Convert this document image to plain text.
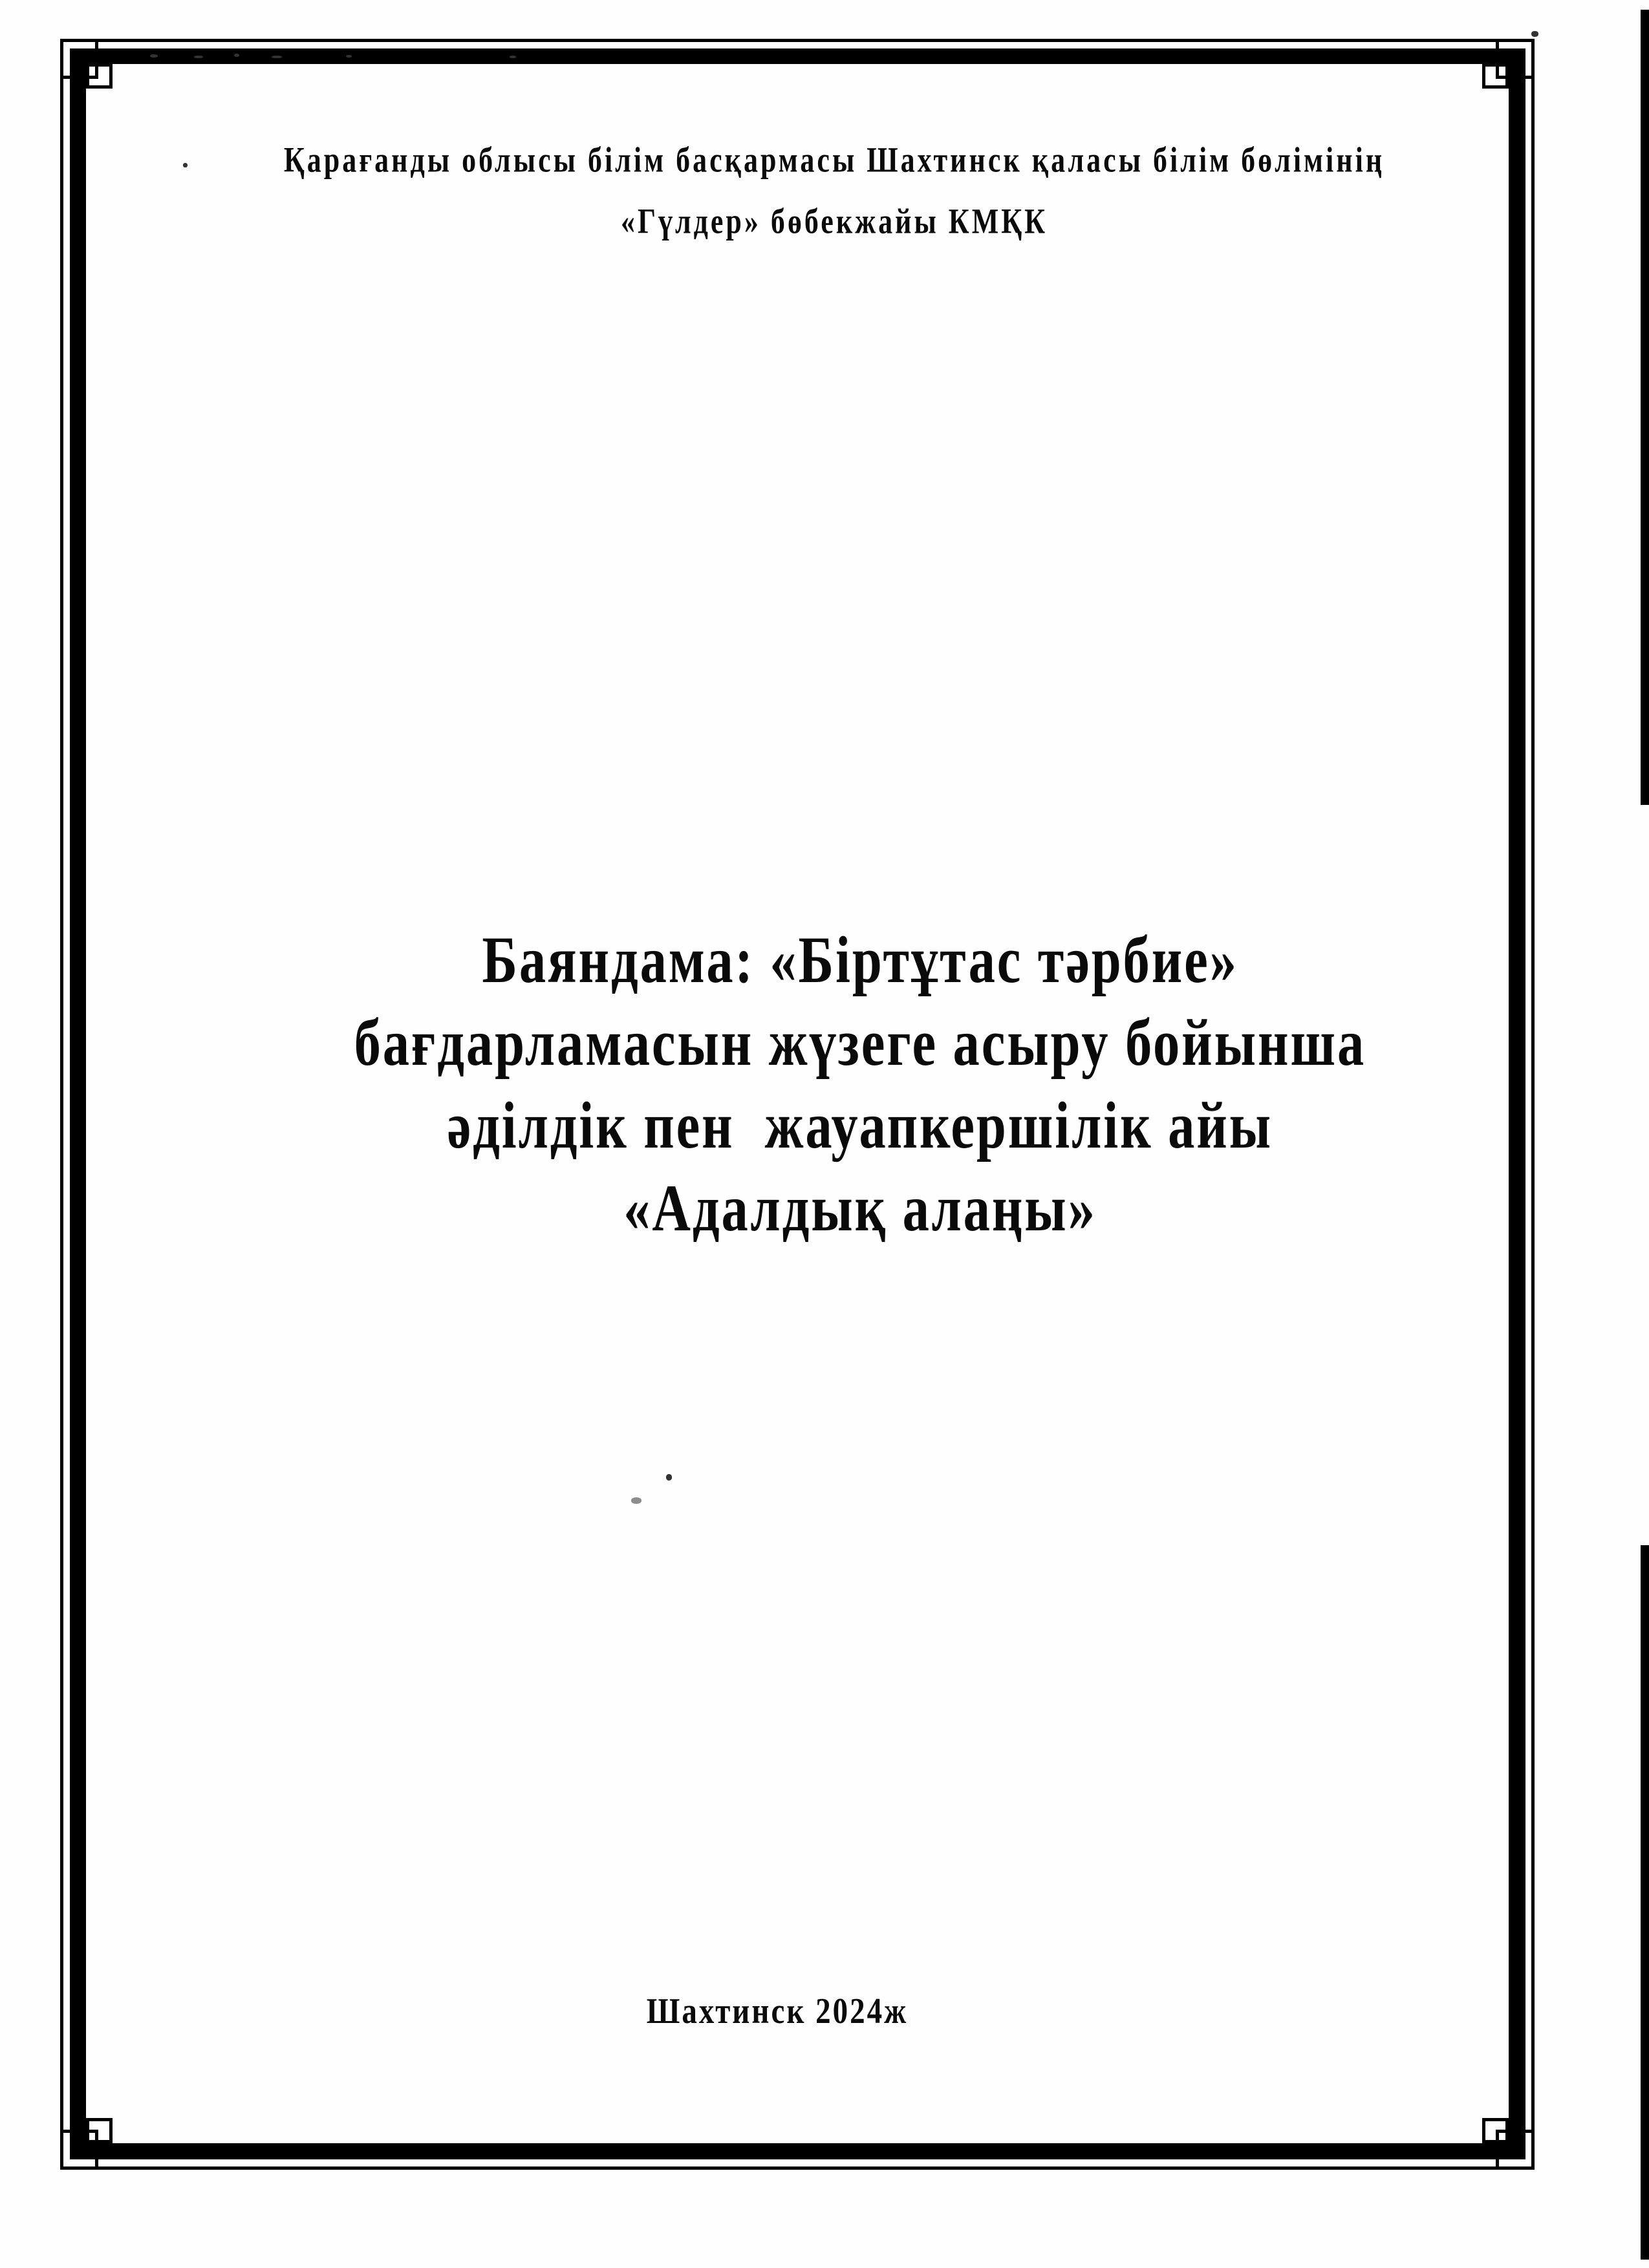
Қарағанды облысы білім басқармасы Шахтинск қаласы білім бөлімінің
«Гүлдер» бөбекжайы КМҚК
Баяндама: «Біртұтас тәрбие»
бағдарламасын жүзеге асыру бойынша
әділдік пен  жауапкершілік айы
«Адалдық алаңы»
Шахтинск 2024ж
